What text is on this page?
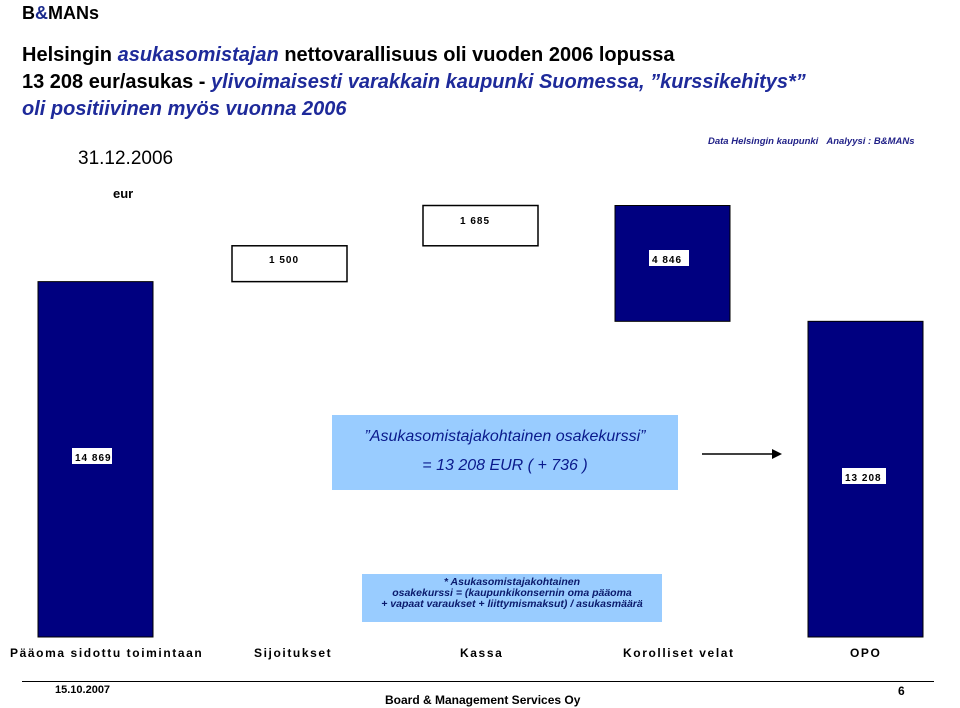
B&MANs
Helsingin asukasomistajan nettovarallisuus oli vuoden 2006 lopussa
13 208 eur/asukas - ylivoimaisesti varakkain kaupunki Suomessa, ”kurssikehitys*”
oli positiivinen myös vuonna 2006
31.12.2006
Data Helsingin kaupunki Analyysi : B&MANs
eur
14 869
1 500
1 685
4 846
13 208
”Asukasomistajakohtainen osakekurssi”
= 13 208 EUR ( + 736 )
* Asukasomistajakohtainen
osakekurssi = (kaupunkikonsernin oma pääoma
+ vapaat varaukset + liittymismaksut) / asukasmäärä
Pääoma sidottu toimintaan	Sijoitukset	Kassa	Korolliset velat	OPO
15.10.2007
Board & Management Services Oy
6
